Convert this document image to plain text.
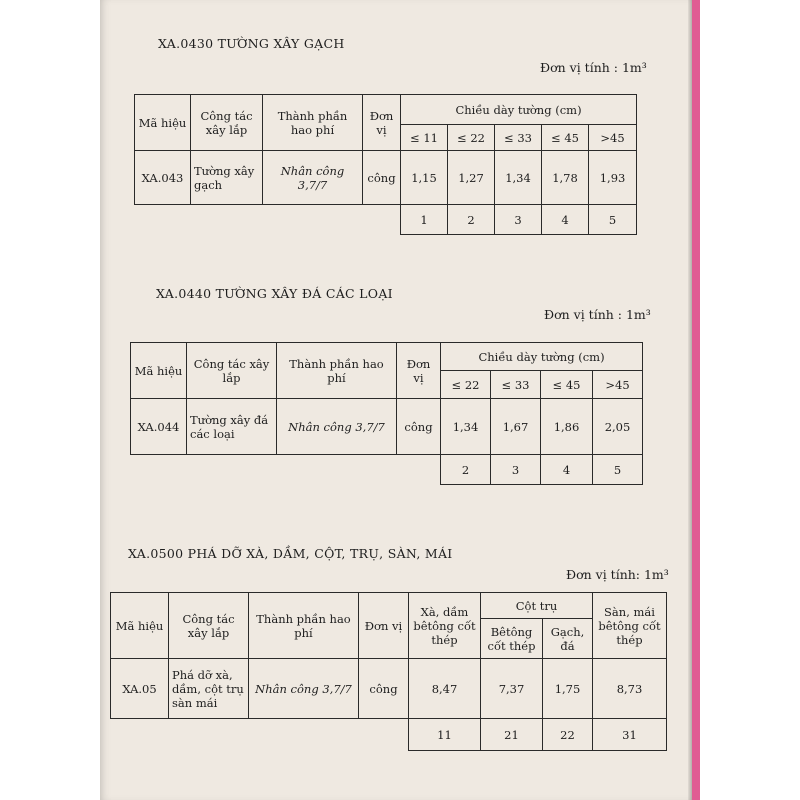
XA.0430 TƯỜNG XÂY GẠCH
Đơn vị tính : 1m³
Mã hiệu	Công tác xây lắp	Thành phần hao phí	Đơn vị	Chiều dày tường (cm)				
				≤ 11	≤ 22	≤ 33	≤ 45	>45
XA.043	Tường xây gạch	Nhân công 3,7/7	công	1,15	1,27	1,34	1,78	1,93
				1	2	3	4	5
XA.0440 TƯỜNG XÂY ĐÁ CÁC LOẠI
Đơn vị tính : 1m³
Mã hiệu	Công tác xây lắp	Thành phần hao phí	Đơn vị	Chiều dày tường (cm)			
				≤ 22	≤ 33	≤ 45	>45
XA.044	Tường xây đá các loại	Nhân công 3,7/7	công	1,34	1,67	1,86	2,05
				2	3	4	5
XA.0500 PHÁ DỠ XÀ, DẦM, CỘT, TRỤ, SÀN, MÁI
Đơn vị tính: 1m³
Mã hiệu	Công tác xây lắp	Thành phần hao phí	Đơn vị	Xà, dầm bêtông cốt thép	Cột trụ		Sàn, mái bêtông cốt thép
					Bêtông cốt thép	Gạch, đá	
XA.05	Phá dỡ xà, dầm, cột trụ sàn mái	Nhân công 3,7/7	công	8,47	7,37	1,75	8,73
				11	21	22	31
